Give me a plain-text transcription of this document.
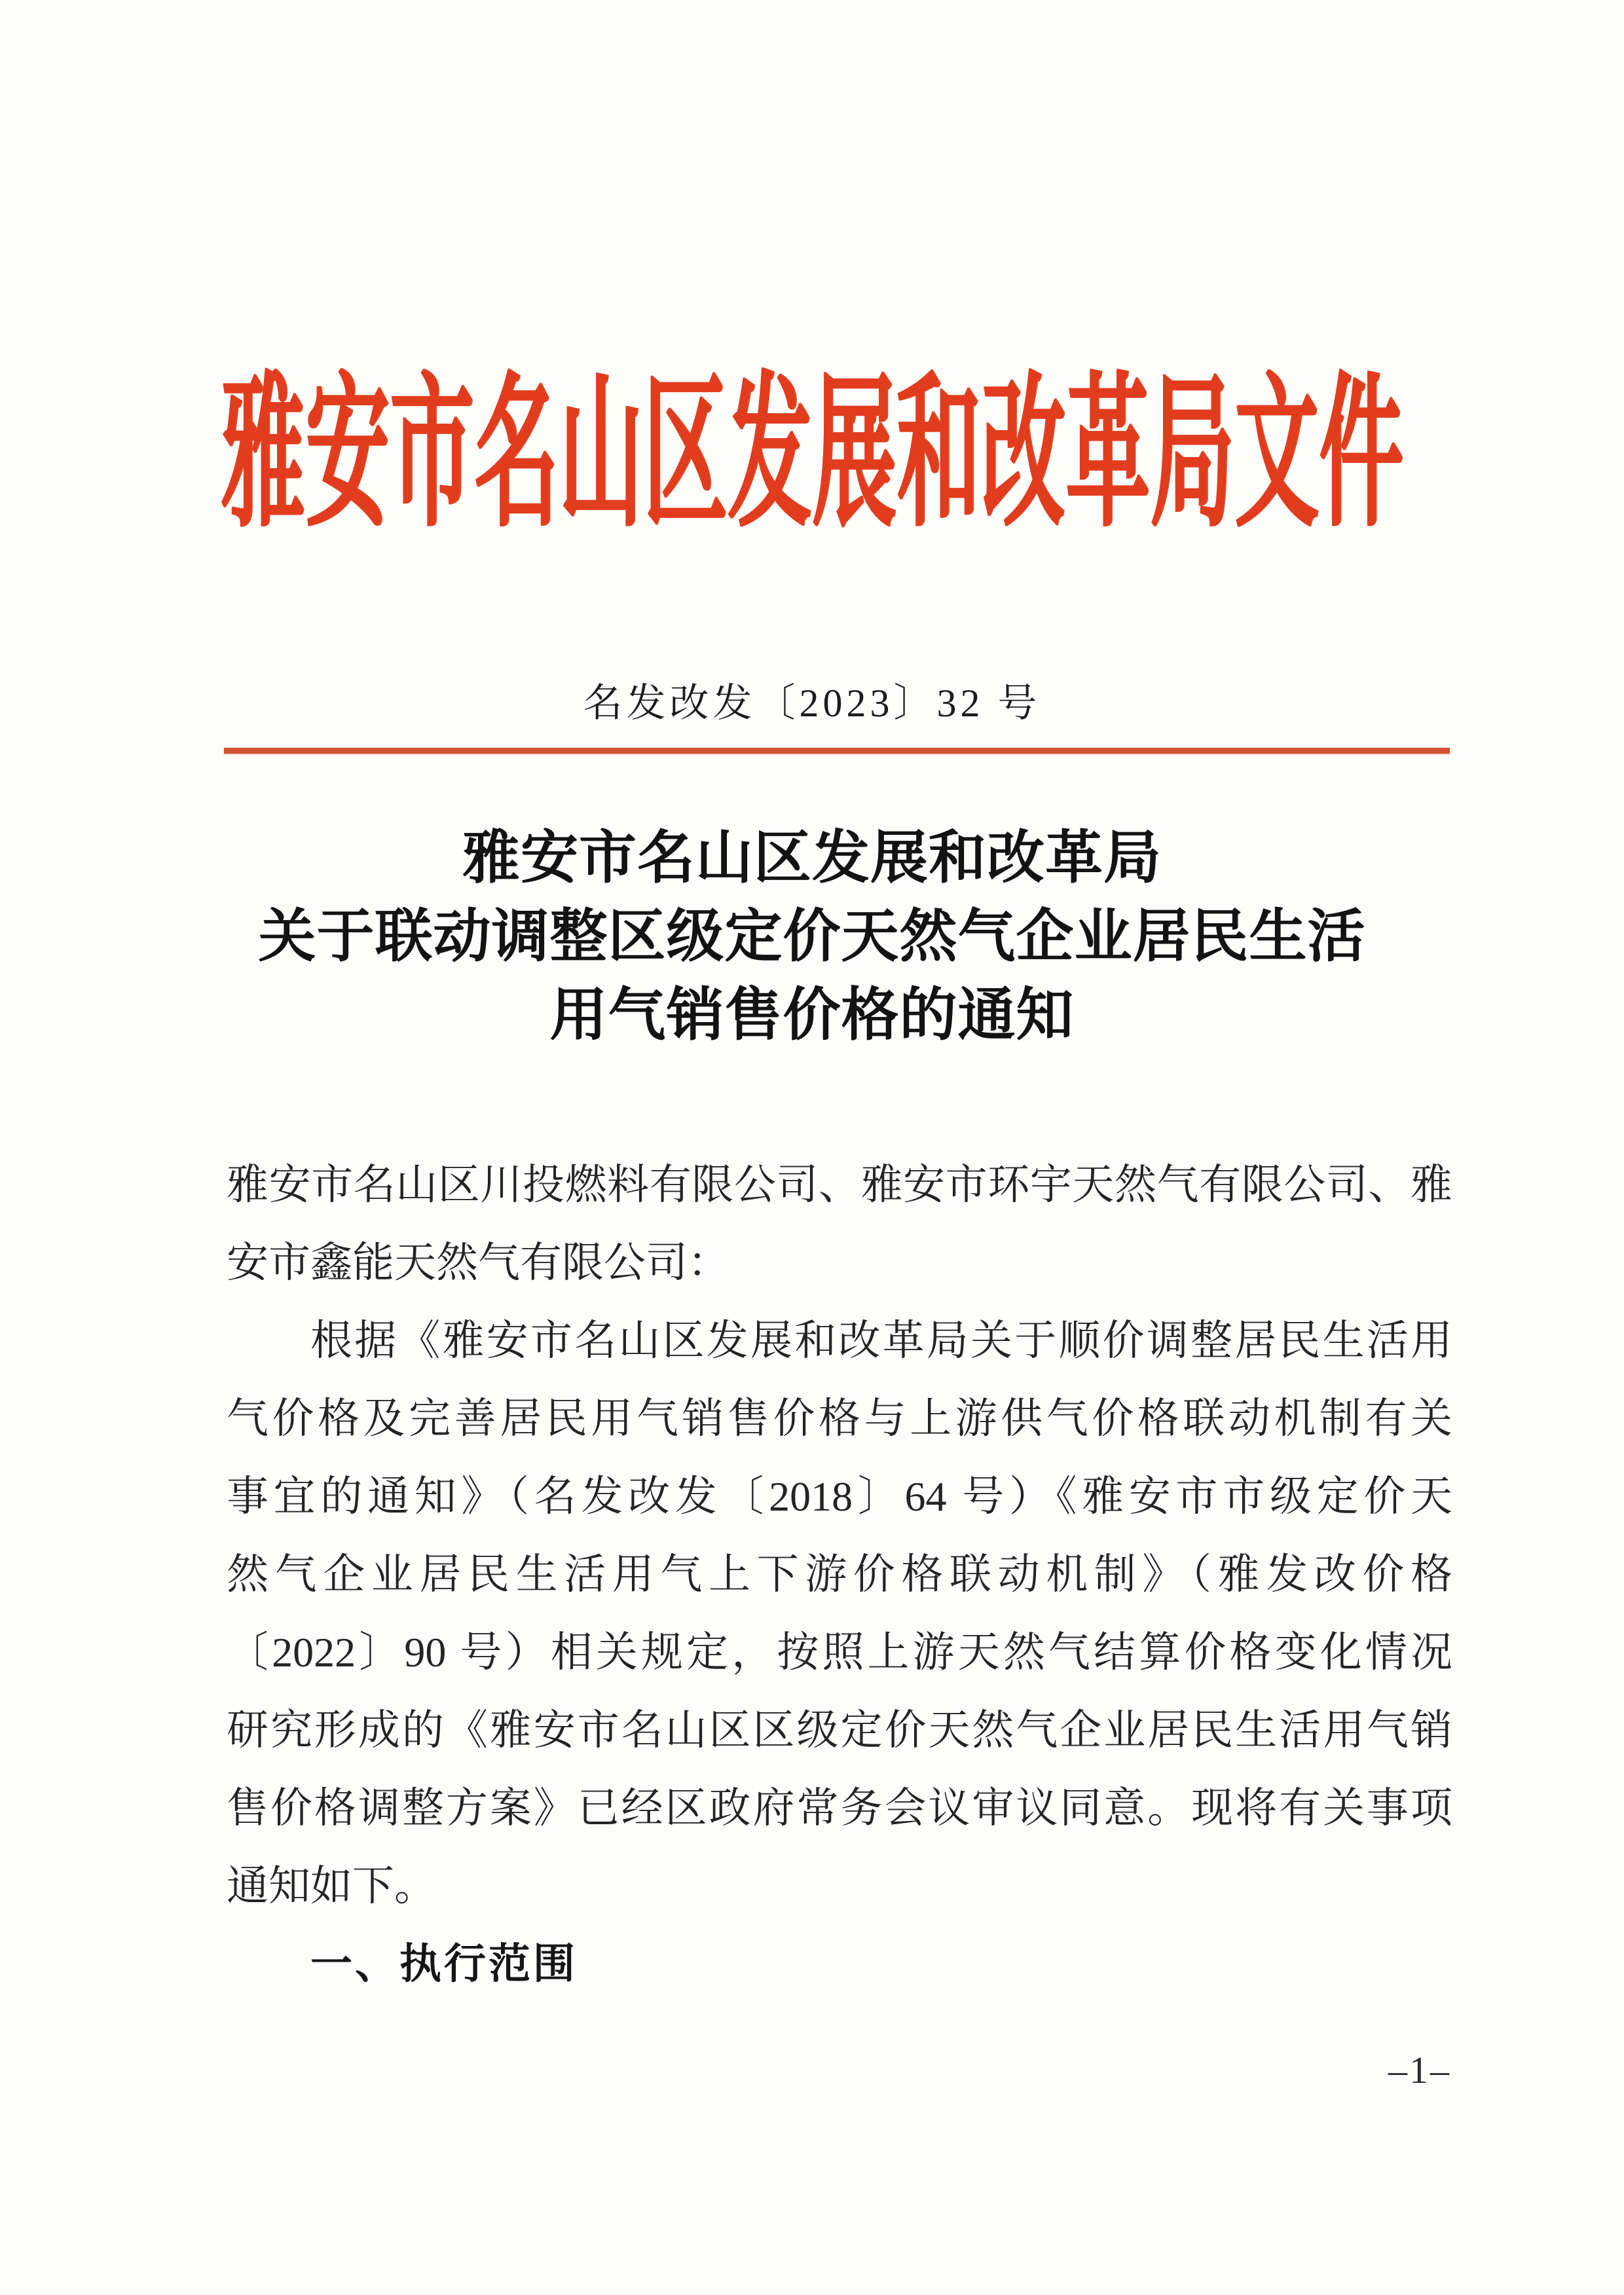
雅安市名山区发展和改革局文件
名发改发〔2023〕32 号
雅安市名山区发展和改革局
关于联动调整区级定价天然气企业居民生活
用气销售价格的通知
雅安市名山区川投燃料有限公司、雅安市环宇天然气有限公司、雅
安市鑫能天然气有限公司：
根据《雅安市名山区发展和改革局关于顺价调整居民生活用
气价格及完善居民用气销售价格与上游供气价格联动机制有关
事宜的通知》（名发改发〔2018〕64 号）《雅安市市级定价天
然气企业居民生活用气上下游价格联动机制》（雅发改价格
〔2022〕90 号）相关规定，按照上游天然气结算价格变化情况
研究形成的《雅安市名山区区级定价天然气企业居民生活用气销
售价格调整方案》已经区政府常务会议审议同意。现将有关事项
通知如下。
一、执行范围
–1–
